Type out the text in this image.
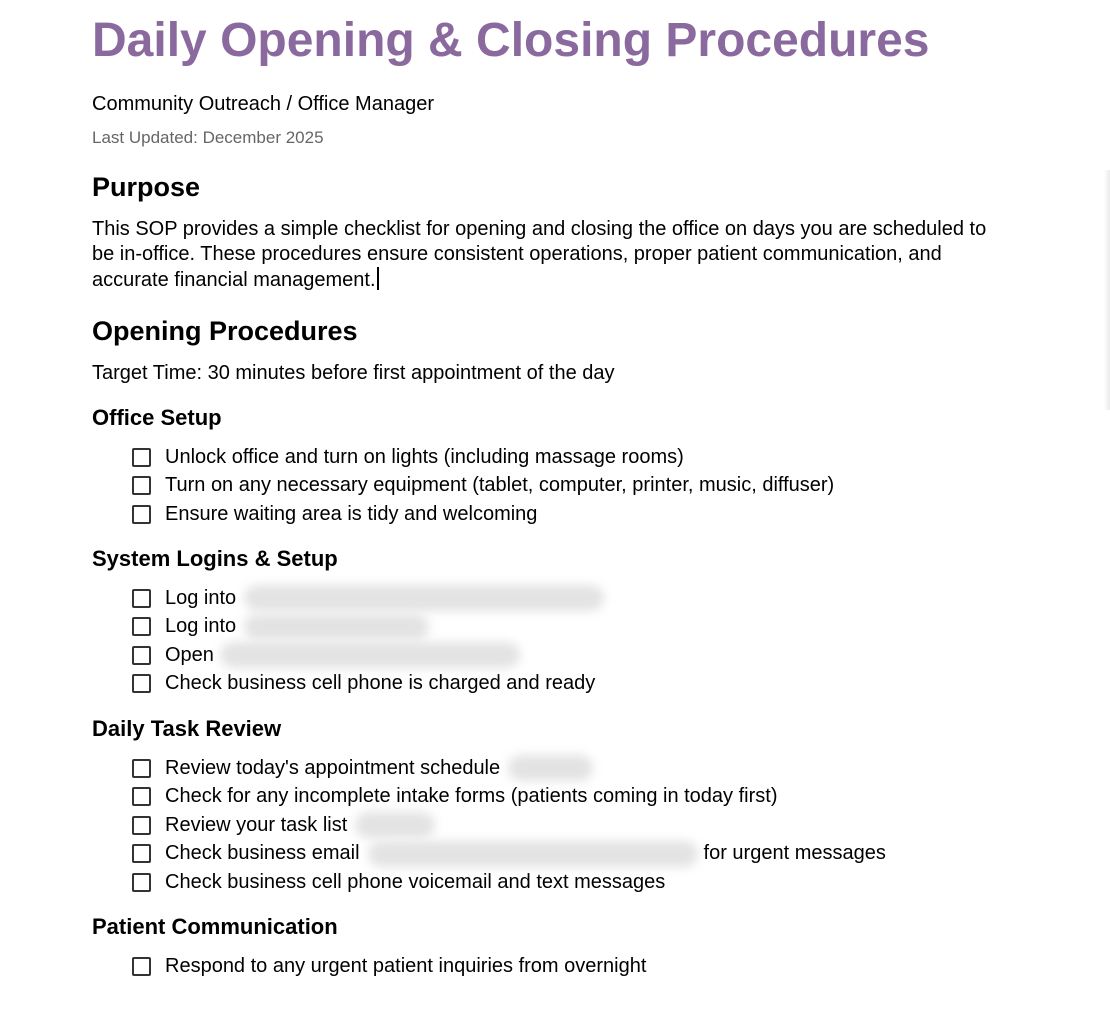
Daily Opening & Closing Procedures
Community Outreach / Office Manager
Last Updated: December 2025
Purpose
This SOP provides a simple checklist for opening and closing the office on days you are scheduled to be in-office. These procedures ensure consistent operations, proper patient communication, and accurate financial management.
Opening Procedures
Target Time: 30 minutes before first appointment of the day
Office Setup
Unlock office and turn on lights (including massage rooms)
Turn on any necessary equipment (tablet, computer, printer, music, diffuser)
Ensure waiting area is tidy and welcoming
System Logins & Setup
Log into
Log into
Open
Check business cell phone is charged and ready
Daily Task Review
Review today's appointment schedule
Check for any incomplete intake forms (patients coming in today first)
Review your task list
Check business email	for urgent messages
Check business cell phone voicemail and text messages
Patient Communication
Respond to any urgent patient inquiries from overnight
